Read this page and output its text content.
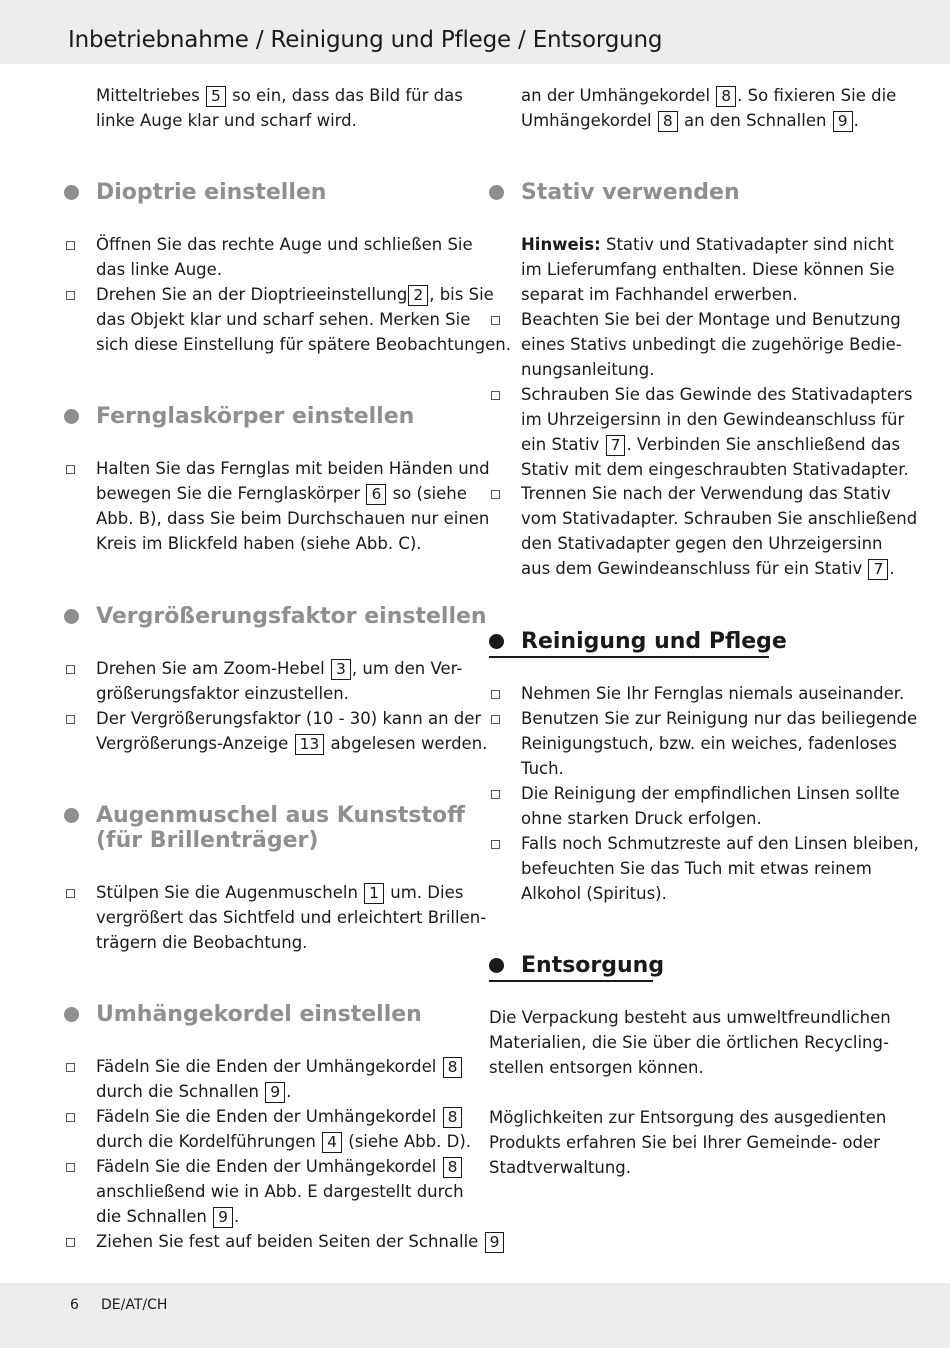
Inbetriebnahme / Reinigung und Pflege / Entsorgung
Mitteltriebes 5 so ein, dass das Bild für das
linke Auge klar und scharf wird.
Dioptrie einstellen
Öffnen Sie das rechte Auge und schließen Sie
das linke Auge.
Drehen Sie an der Dioptrieeinstellung 2 , bis Sie
das Objekt klar und scharf sehen. Merken Sie
sich diese Einstellung für spätere Beobachtungen.
Fernglaskörper einstellen
Halten Sie das Fernglas mit beiden Händen und
bewegen Sie die Fernglaskörper 6 so (siehe
Abb. B), dass Sie beim Durchschauen nur einen
Kreis im Blickfeld haben (siehe Abb. C).
Vergrößerungsfaktor einstellen
Drehen Sie am Zoom-Hebel 3 , um den Ver-
größerungsfaktor einzustellen.
Der Vergrößerungsfaktor (10 - 30) kann an der
Vergrößerungs-Anzeige 13 abgelesen werden.
Augenmuschel aus Kunststoff
(für Brillenträger)
Stülpen Sie die Augenmuscheln 1 um. Dies
vergrößert das Sichtfeld und erleichtert Brillen-
trägern die Beobachtung.
Umhängekordel einstellen
Fädeln Sie die Enden der Umhängekordel 8
durch die Schnallen 9 .
Fädeln Sie die Enden der Umhängekordel 8
durch die Kordelführungen 4 (siehe Abb. D).
Fädeln Sie die Enden der Umhängekordel 8
anschließend wie in Abb. E dargestellt durch
die Schnallen 9 .
Ziehen Sie fest auf beiden Seiten der Schnalle 9
an der Umhängekordel 8 . So fixieren Sie die
Umhängekordel 8 an den Schnallen 9 .
Stativ verwenden
Hinweis: Stativ und Stativadapter sind nicht
im Lieferumfang enthalten. Diese können Sie
separat im Fachhandel erwerben.
Beachten Sie bei der Montage und Benutzung
eines Stativs unbedingt die zugehörige Bedie-
nungsanleitung.
Schrauben Sie das Gewinde des Stativadapters
im Uhrzeigersinn in den Gewindeanschluss für
ein Stativ 7 . Verbinden Sie anschließend das
Stativ mit dem eingeschraubten Stativadapter.
Trennen Sie nach der Verwendung das Stativ
vom Stativadapter. Schrauben Sie anschließend
den Stativadapter gegen den Uhrzeigersinn
aus dem Gewindeanschluss für ein Stativ 7 .
Reinigung und Pflege
Nehmen Sie Ihr Fernglas niemals auseinander.
Benutzen Sie zur Reinigung nur das beiliegende
Reinigungstuch, bzw. ein weiches, fadenloses
Tuch.
Die Reinigung der empfindlichen Linsen sollte
ohne starken Druck erfolgen.
Falls noch Schmutzreste auf den Linsen bleiben,
befeuchten Sie das Tuch mit etwas reinem
Alkohol (Spiritus).
Entsorgung
Die Verpackung besteht aus umweltfreundlichen
Materialien, die Sie über die örtlichen Recycling-
stellen entsorgen können.
Möglichkeiten zur Entsorgung des ausgedienten
Produkts erfahren Sie bei Ihrer Gemeinde- oder
Stadtverwaltung.
6 DE/AT/CH
